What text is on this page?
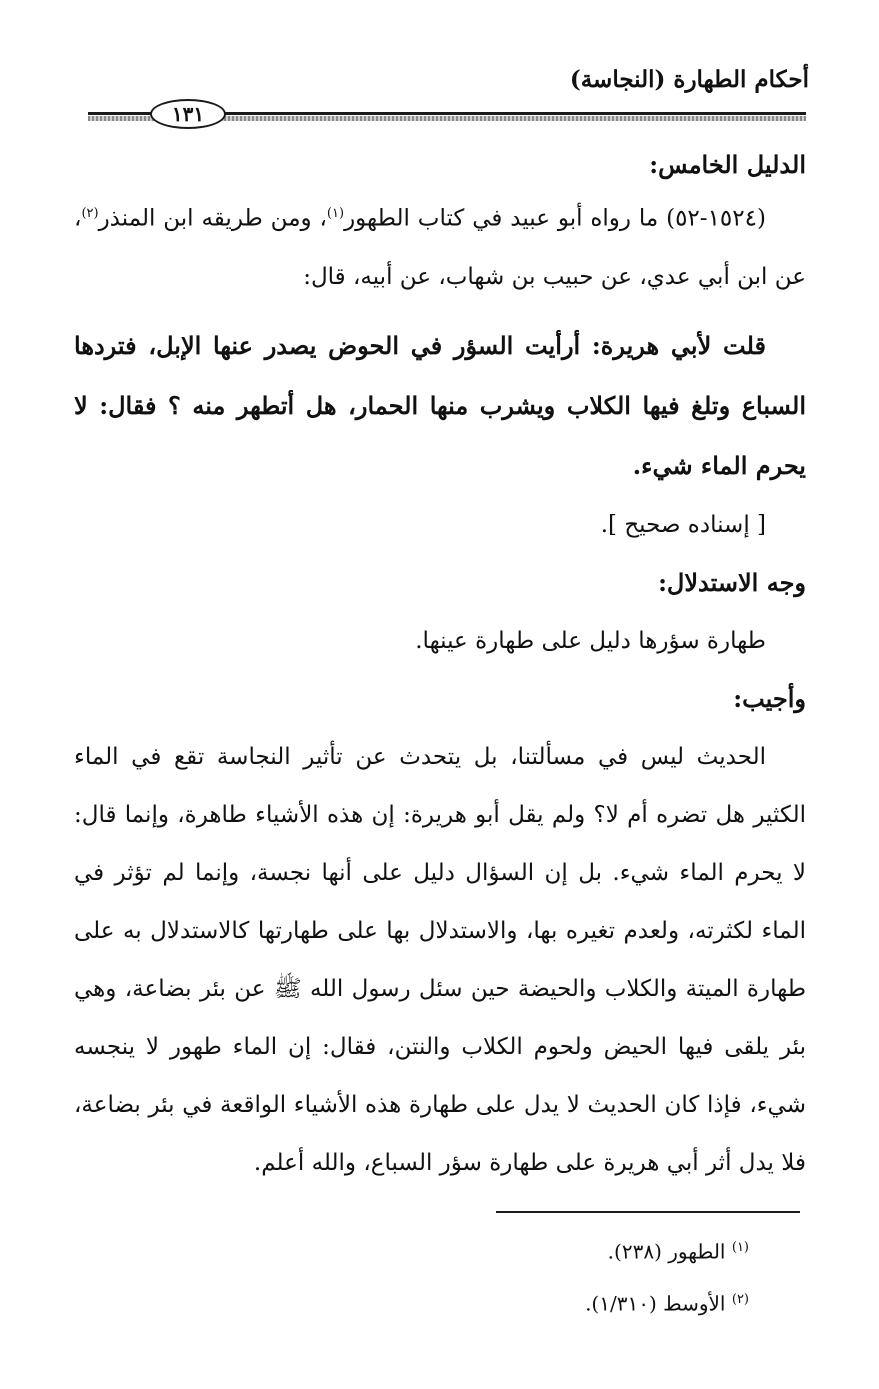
أحكام الطهارة (النجاسة)
١٣١

الدليل الخامس:

(١٥٢٤-٥٢) ما رواه أبو عبيد في كتاب الطهور$^{(١)}$، ومن طريقه ابن المنذر$^{(٢)}$، عن ابن أبي عدي، عن حبيب بن شهاب، عن أبيه، قال:

قلت لأبي هريرة: أرأيت السؤر في الحوض يصدر عنها الإبل، فتردها السباع وتلغ فيها الكلاب ويشرب منها الحمار، هل أتطهر منه ؟ فقال: لا يحرم الماء شيء.

[ إسناده صحيح ].

وجه الاستدلال:

طهارة سؤرها دليل على طهارة عينها.

وأجيب:

الحديث ليس في مسألتنا، بل يتحدث عن تأثير النجاسة تقع في الماء الكثير هل تضره أم لا؟ ولم يقل أبو هريرة: إن هذه الأشياء طاهرة، وإنما قال: لا يحرم الماء شيء. بل إن السؤال دليل على أنها نجسة، وإنما لم تؤثر في الماء لكثرته، ولعدم تغيره بها، والاستدلال بها على طهارتها كالاستدلال به على طهارة الميتة والكلاب والحيضة حين سئل رسول الله ﷺ عن بئر بضاعة، وهي بئر يلقى فيها الحيض ولحوم الكلاب والنتن، فقال: إن الماء طهور لا ينجسه شيء، فإذا كان الحديث لا يدل على طهارة هذه الأشياء الواقعة في بئر بضاعة، فلا يدل أثر أبي هريرة على طهارة سؤر السباع، والله أعلم.

$^{(١)}$ الطهور (٢٣٨).

$^{(٢)}$ الأوسط (١/٣١٠).
